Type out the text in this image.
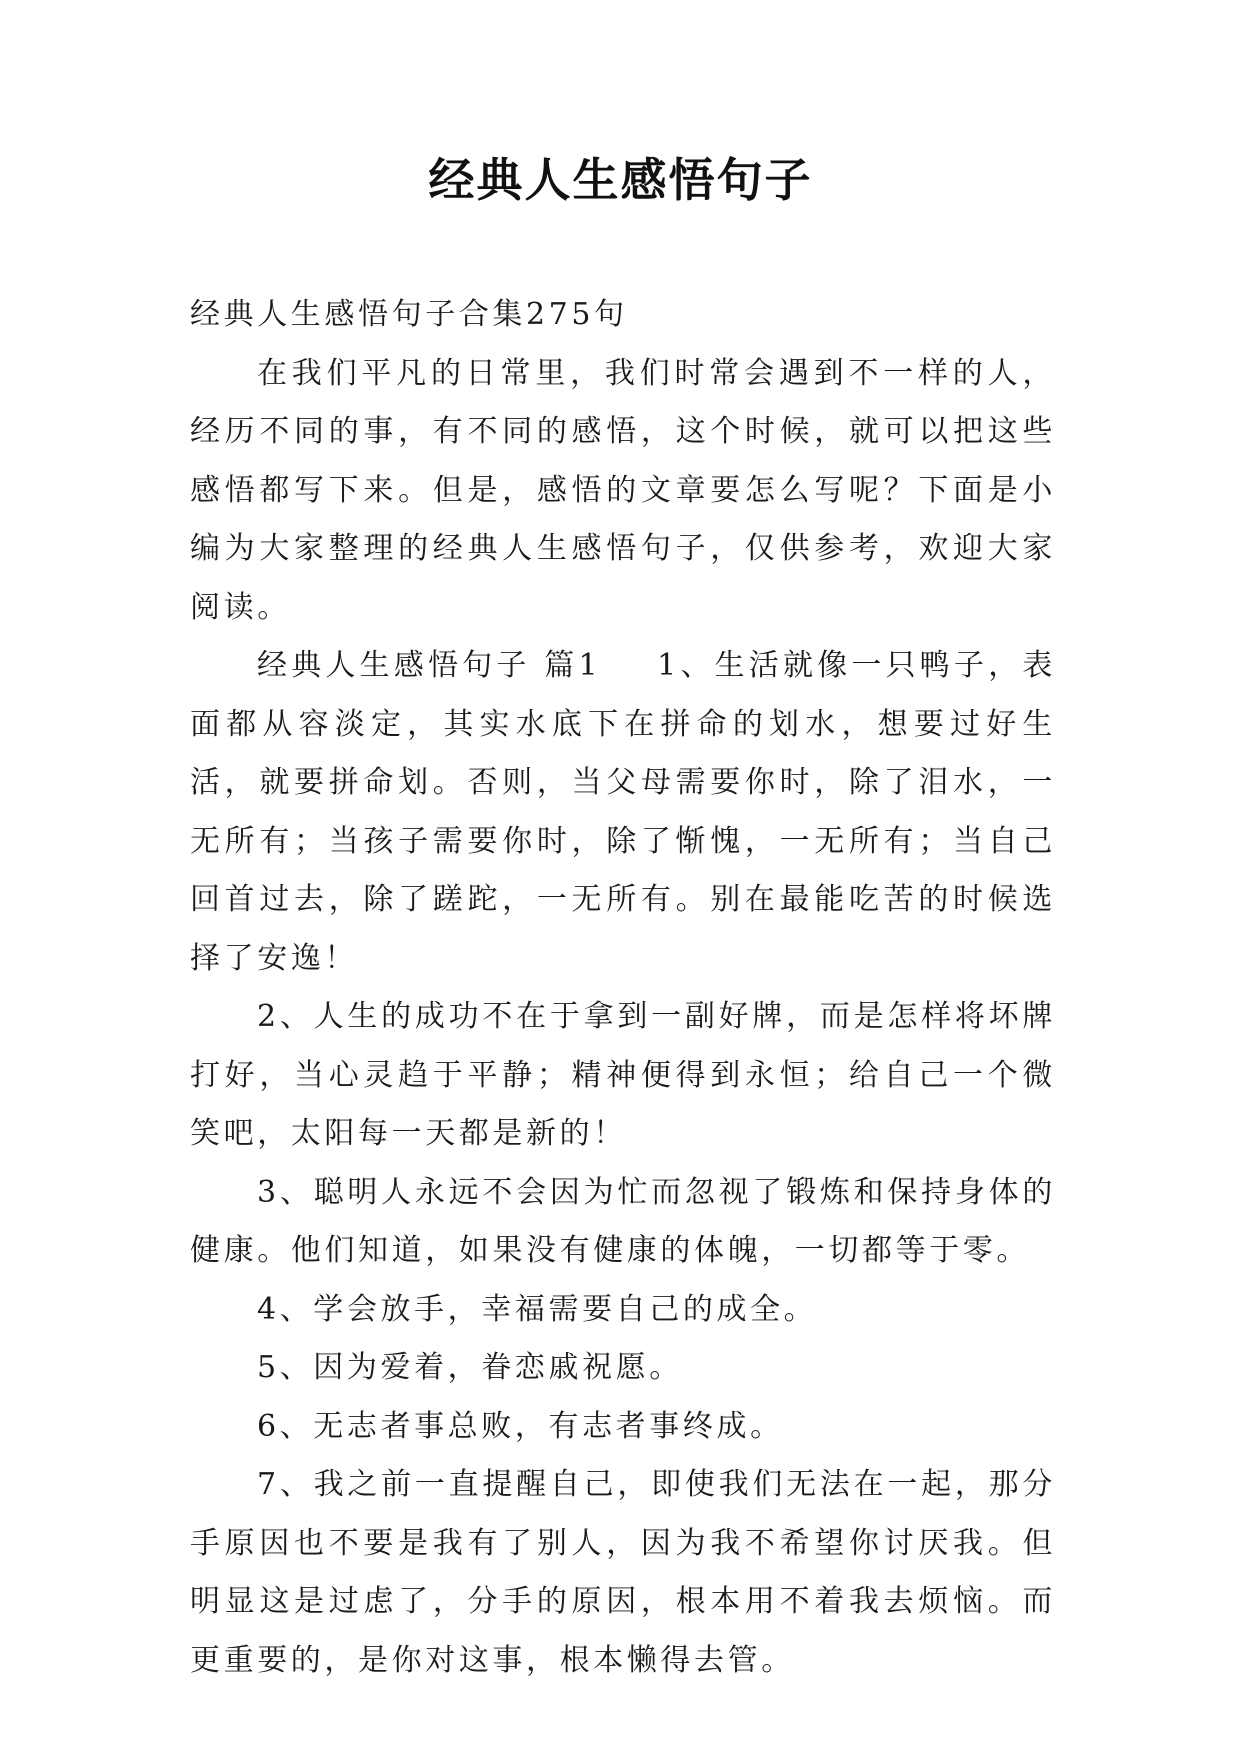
经典人生感悟句子

经典人生感悟句子合集275句

在我们平凡的日常里，我们时常会遇到不一样的人，经历不同的事，有不同的感悟，这个时候，就可以把这些感悟都写下来。但是，感悟的文章要怎么写呢？下面是小编为大家整理的经典人生感悟句子，仅供参考，欢迎大家阅读。

经典人生感悟句子 篇1 1、生活就像一只鸭子，表面都从容淡定，其实水底下在拼命的划水，想要过好生活，就要拼命划。否则，当父母需要你时，除了泪水，一无所有；当孩子需要你时，除了惭愧，一无所有；当自己回首过去，除了蹉跎，一无所有。别在最能吃苦的时候选择了安逸！

2、人生的成功不在于拿到一副好牌，而是怎样将坏牌打好，当心灵趋于平静；精神便得到永恒；给自己一个微笑吧，太阳每一天都是新的！

3、聪明人永远不会因为忙而忽视了锻炼和保持身体的健康。他们知道，如果没有健康的体魄，一切都等于零。

4、学会放手，幸福需要自己的成全。

5、因为爱着，眷恋戚祝愿。

6、无志者事总败，有志者事终成。

7、我之前一直提醒自己，即使我们无法在一起，那分手原因也不要是我有了别人，因为我不希望你讨厌我。但明显这是过虑了，分手的原因，根本用不着我去烦恼。而更重要的，是你对这事，根本懒得去管。
